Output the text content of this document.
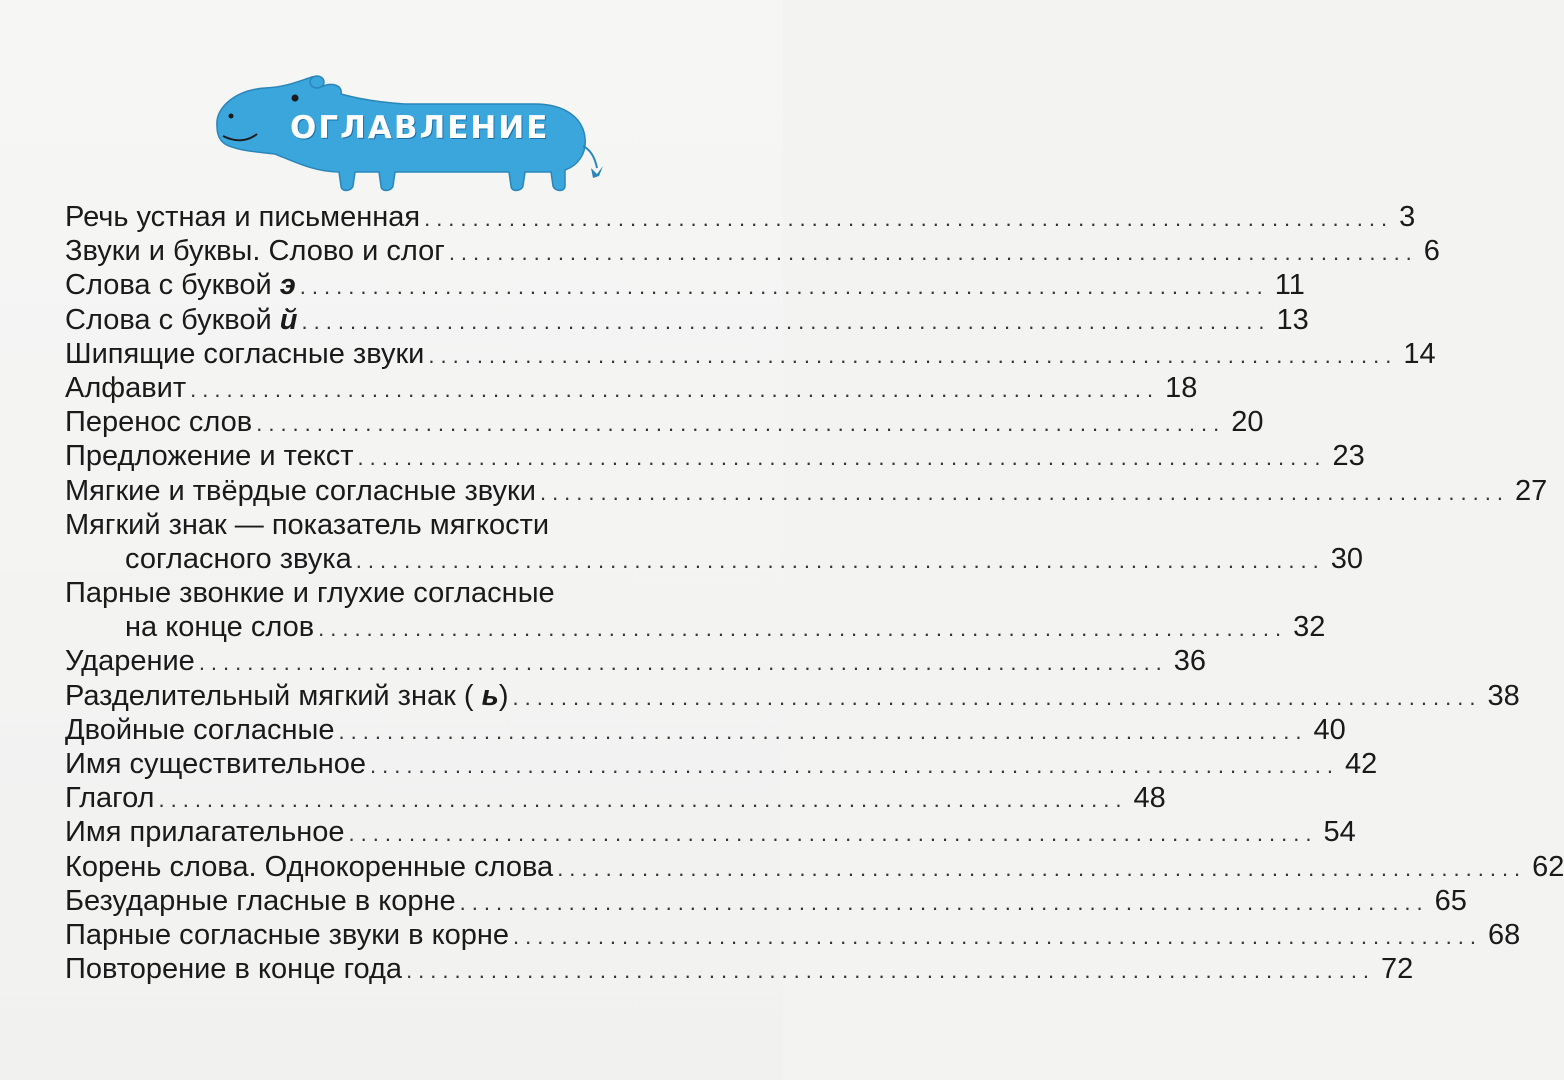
ОГЛАВЛЕНИЕ
Речь устная и письменная ................................................................................ 3
Звуки и буквы. Слово и слог ................................................................................ 6
Слова с буквой э ................................................................................ 11
Слова с буквой й ................................................................................ 13
Шипящие согласные звуки ................................................................................ 14
Алфавит ................................................................................ 18
Перенос слов ................................................................................ 20
Предложение и текст ................................................................................ 23
Мягкие и твёрдые согласные звуки ................................................................................ 27
Мягкий знак — показатель мягкости
согласного звука ................................................................................ 30
Парные звонкие и глухие согласные
на конце слов ................................................................................ 32
Ударение ................................................................................ 36
Разделительный мягкий знак ( ь) ................................................................................ 38
Двойные согласные ................................................................................ 40
Имя существительное ................................................................................ 42
Глагол ................................................................................ 48
Имя прилагательное ................................................................................ 54
Корень слова. Однокоренные слова ................................................................................ 62
Безударные гласные в корне ................................................................................ 65
Парные согласные звуки в корне ................................................................................ 68
Повторение в конце года ................................................................................ 72
